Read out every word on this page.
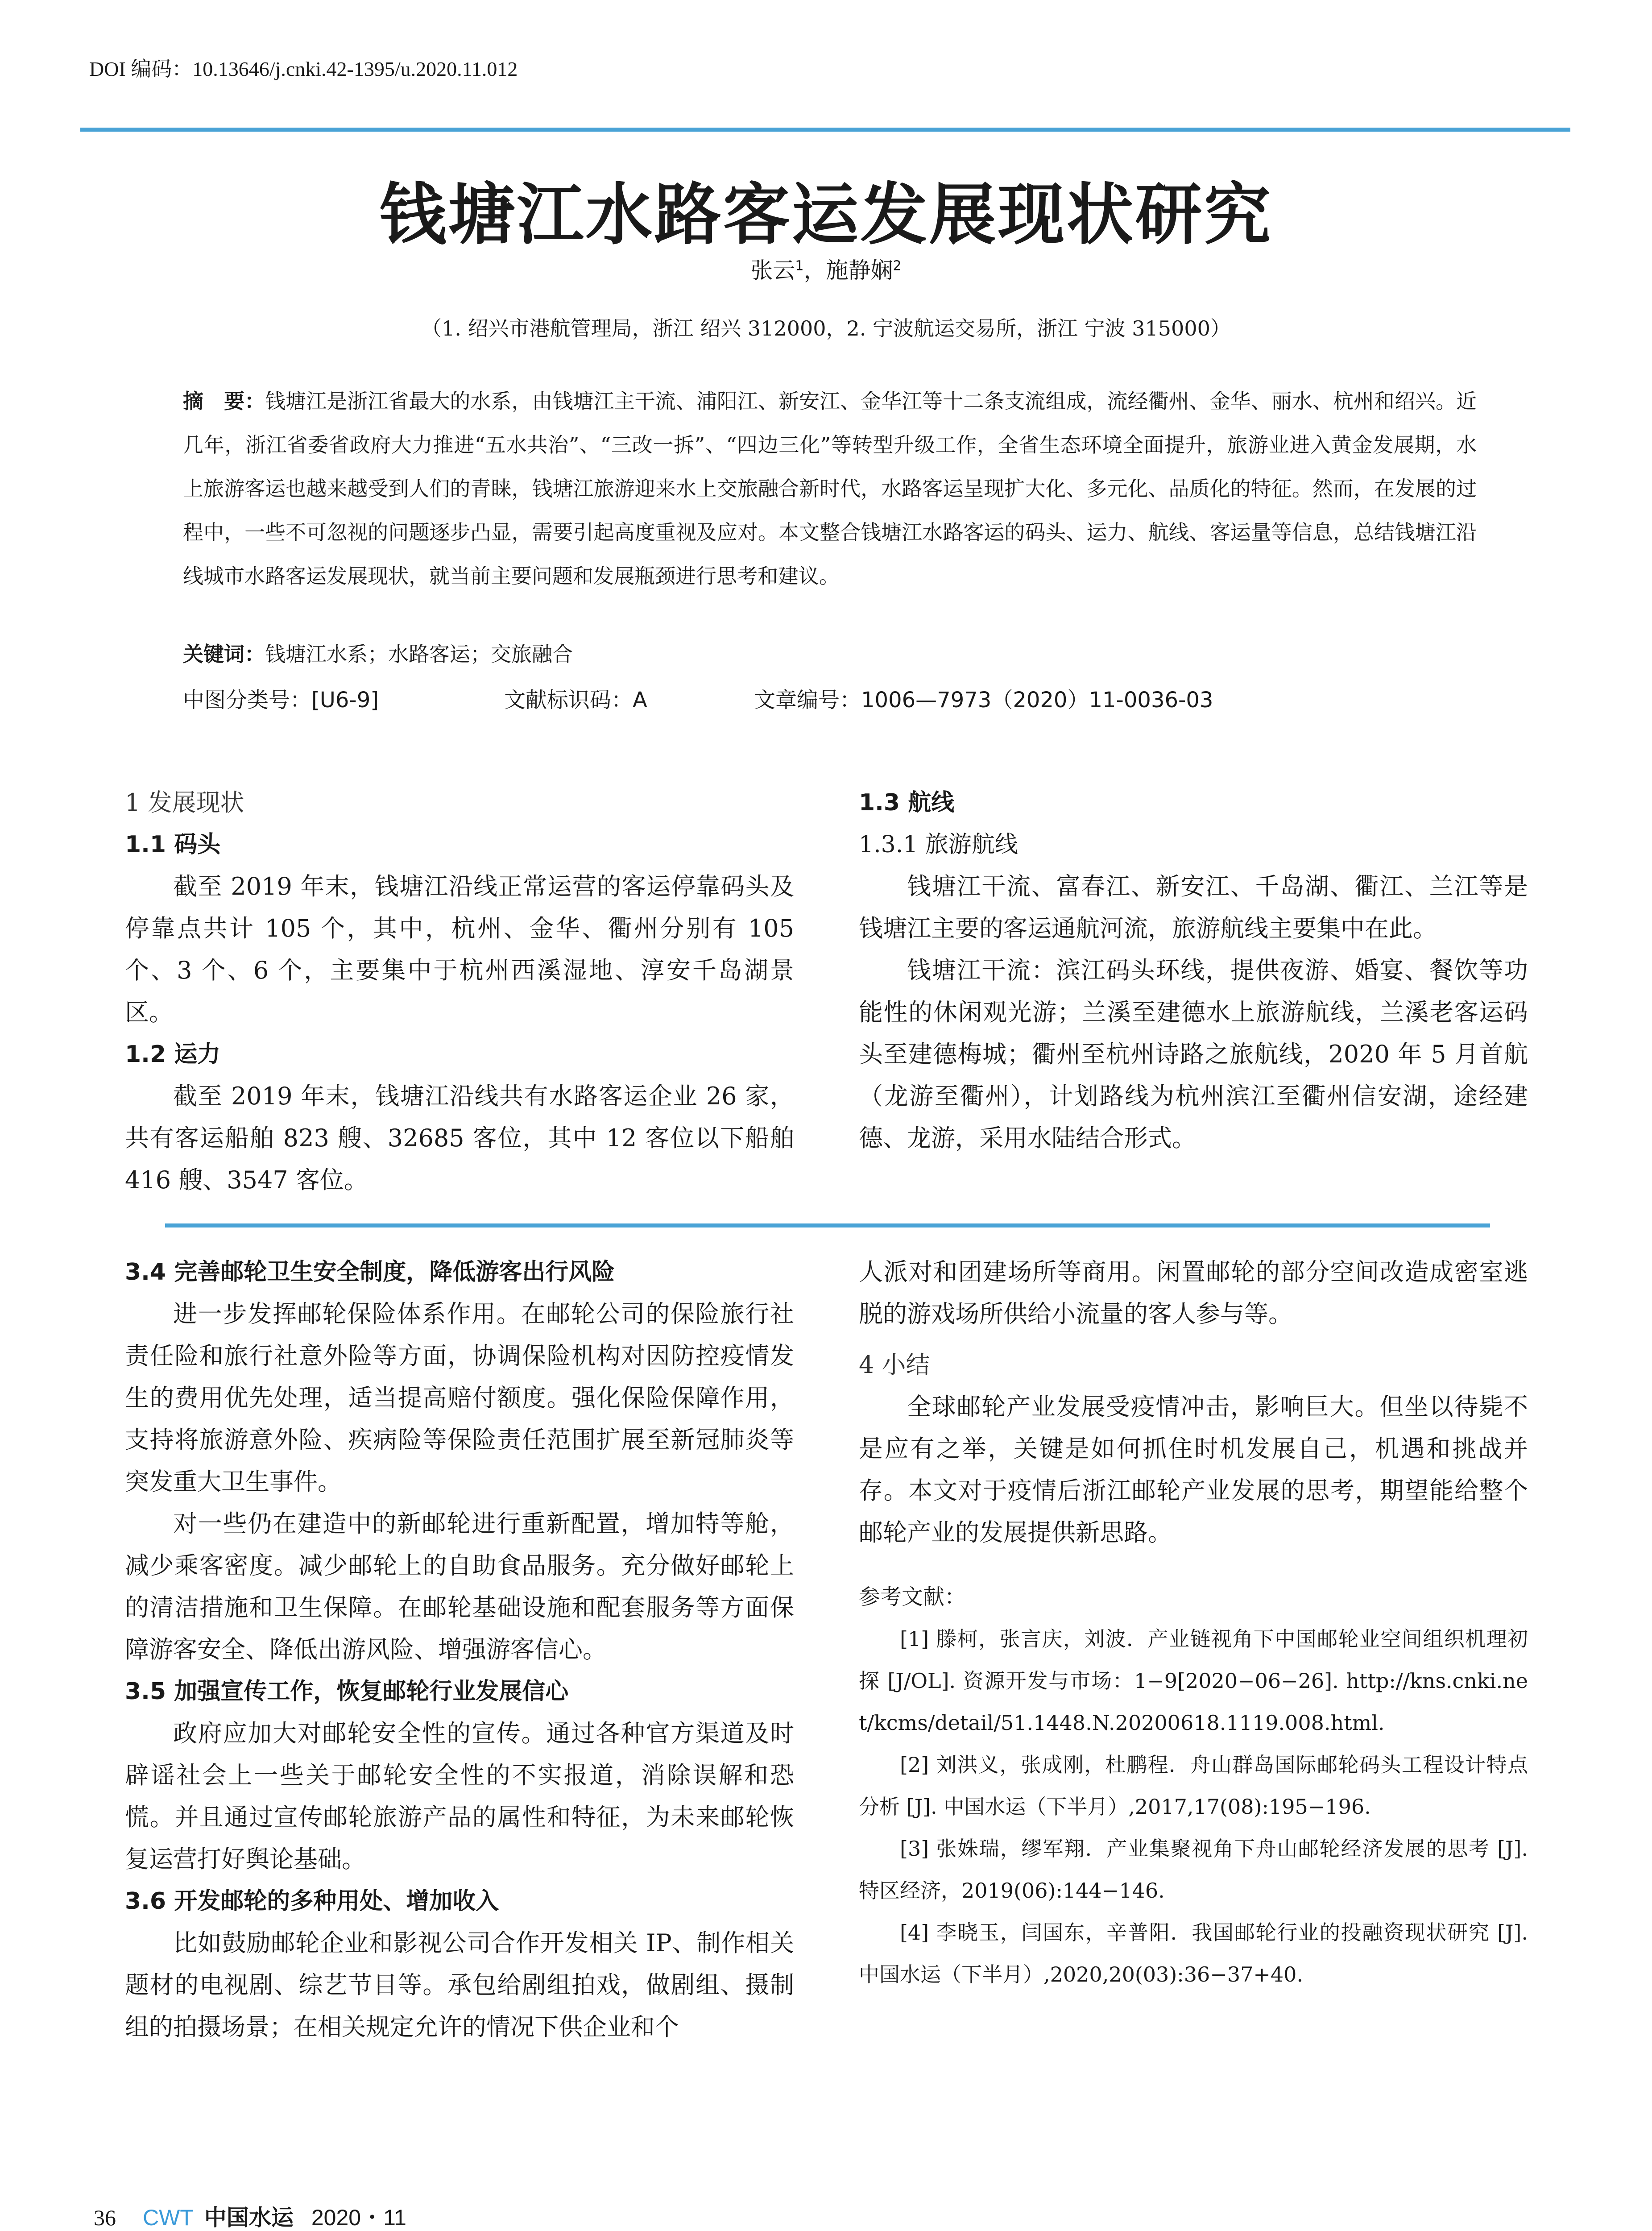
DOI 编码：10.13646/j.cnki.42-1395/u.2020.11.012
钱塘江水路客运发展现状研究
张云$^1$，施静娴$^2$
（1. 绍兴市港航管理局，浙江 绍兴 312000，2. 宁波航运交易所，浙江 宁波 315000）
摘　要：钱塘江是浙江省最大的水系，由钱塘江主干流、浦阳江、新安江、金华江等十二条支流组成，流经衢州、金华、丽水、杭州和绍兴。近几年，浙江省委省政府大力推进“五水共治”、“三改一拆”、“四边三化”等转型升级工作，全省生态环境全面提升，旅游业进入黄金发展期，水上旅游客运也越来越受到人们的青睐，钱塘江旅游迎来水上交旅融合新时代，水路客运呈现扩大化、多元化、品质化的特征。然而，在发展的过程中，一些不可忽视的问题逐步凸显，需要引起高度重视及应对。本文整合钱塘江水路客运的码头、运力、航线、客运量等信息，总结钱塘江沿线城市水路客运发展现状，就当前主要问题和发展瓶颈进行思考和建议。
关键词：钱塘江水系；水路客运；交旅融合
中图分类号：[U6-9]	文献标识码：A	文章编号：1006—7973（2020）11-0036-03
1 发展现状
1.1 码头

截至 2019 年末，钱塘江沿线正常运营的客运停靠码头及停靠点共计 105 个，其中，杭州、金华、衢州分别有 105 个、3 个、6 个，主要集中于杭州西溪湿地、淳安千岛湖景区。

1.2 运力

截至 2019 年末，钱塘江沿线共有水路客运企业 26 家，共有客运船舶 823 艘、32685 客位，其中 12 客位以下船舶 416 艘、3547 客位。

1.3 航线
1.3.1 旅游航线

钱塘江干流、富春江、新安江、千岛湖、衢江、兰江等是钱塘江主要的客运通航河流，旅游航线主要集中在此。

钱塘江干流：滨江码头环线，提供夜游、婚宴、餐饮等功能性的休闲观光游；兰溪至建德水上旅游航线，兰溪老客运码头至建德梅城；衢州至杭州诗路之旅航线，2020 年 5 月首航（龙游至衢州），计划路线为杭州滨江至衢州信安湖，途经建德、龙游，采用水陆结合形式。

3.4 完善邮轮卫生安全制度，降低游客出行风险

进一步发挥邮轮保险体系作用。在邮轮公司的保险旅行社责任险和旅行社意外险等方面，协调保险机构对因防控疫情发生的费用优先处理，适当提高赔付额度。强化保险保障作用，支持将旅游意外险、疾病险等保险责任范围扩展至新冠肺炎等突发重大卫生事件。

对一些仍在建造中的新邮轮进行重新配置，增加特等舱，减少乘客密度。减少邮轮上的自助食品服务。充分做好邮轮上的清洁措施和卫生保障。在邮轮基础设施和配套服务等方面保障游客安全、降低出游风险、增强游客信心。

3.5 加强宣传工作，恢复邮轮行业发展信心

政府应加大对邮轮安全性的宣传。通过各种官方渠道及时辟谣社会上一些关于邮轮安全性的不实报道，消除误解和恐慌。并且通过宣传邮轮旅游产品的属性和特征，为未来邮轮恢复运营打好舆论基础。

3.6 开发邮轮的多种用处、增加收入

比如鼓励邮轮企业和影视公司合作开发相关 IP、制作相关题材的电视剧、综艺节目等。承包给剧组拍戏，做剧组、摄制组的拍摄场景；在相关规定允许的情况下供企业和个

人派对和团建场所等商用。闲置邮轮的部分空间改造成密室逃脱的游戏场所供给小流量的客人参与等。

4 小结

全球邮轮产业发展受疫情冲击，影响巨大。但坐以待毙不是应有之举，关键是如何抓住时机发展自己，机遇和挑战并存。本文对于疫情后浙江邮轮产业发展的思考，期望能给整个邮轮产业的发展提供新思路。

参考文献：

[1] 滕柯，张言庆，刘波．产业链视角下中国邮轮业空间组织机理初探 [J/OL]. 资源开发与市场：1−9[2020−06−26]. http://kns.cnki.net/kcms/detail/51.1448.N.20200618.1119.008.html.

[2] 刘洪义，张成刚，杜鹏程．舟山群岛国际邮轮码头工程设计特点分析 [J]. 中国水运（下半月）,2017,17(08):195−196.

[3] 张姝瑞，缪军翔．产业集聚视角下舟山邮轮经济发展的思考 [J]. 特区经济，2019(06):144−146.

[4] 李晓玉，闫国东，辛普阳．我国邮轮行业的投融资现状研究 [J]. 中国水运（下半月）,2020,20(03):36−37+40.

36 CWT 中国水运 2020・11
